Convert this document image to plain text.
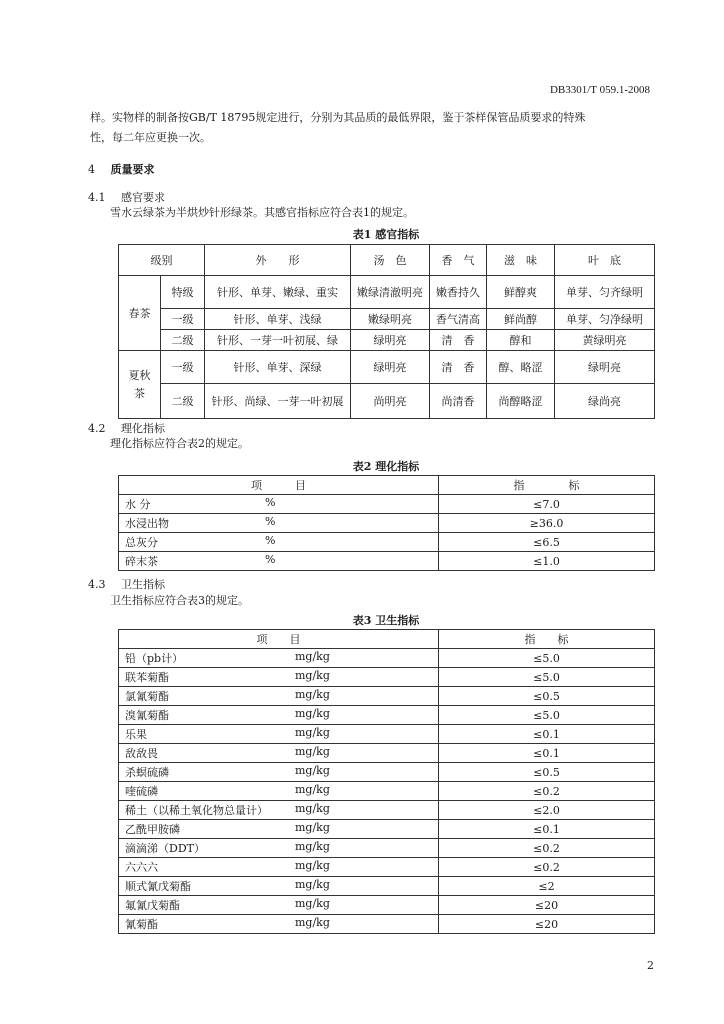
DB3301/T 059.1-2008
样。实物样的制备按GB/T 18795规定进行，分别为其品质的最低界限，鉴于茶样保管品质要求的特殊
性，每二年应更换一次。
4 质量要求
4.1 感官要求
雪水云绿茶为半烘炒针形绿茶。其感官指标应符合表1的规定。
表1 感官指标
级别		外　　形	汤　色	香　气	滋　味	叶　底
春茶	特级	针形、单芽、嫩绿、重实	嫩绿清澈明亮	嫩香持久	鲜醇爽	单芽、匀齐绿明
	一级	针形、单芽、浅绿	嫩绿明亮	香气清高	鲜尚醇	单芽、匀净绿明
	二级	针形、一芽一叶初展、绿	绿明亮	清　香	醇和	黄绿明亮
夏秋茶	一级	针形、单芽、深绿	绿明亮	清　香	醇、略涩	绿明亮
	二级	针形、尚绿、一芽一叶初展	尚明亮	尚清香	尚醇略涩	绿尚亮
4.2 理化指标
理化指标应符合表2的规定。
表2 理化指标
项　　　目	指　　　　标
水 分 %	≤7.0
水浸出物 %	≥36.0
总灰分 %	≤6.5
碎末茶 %	≤1.0
4.3 卫生指标
卫生指标应符合表3的规定。
表3 卫生指标
项　　目	指　　标
铅（pb计） mg/kg	≤5.0
联苯菊酯 mg/kg	≤5.0
氯氰菊酯 mg/kg	≤0.5
溴氰菊酯 mg/kg	≤5.0
乐果 mg/kg	≤0.1
敌敌畏 mg/kg	≤0.1
杀螟硫磷 mg/kg	≤0.5
喹硫磷 mg/kg	≤0.2
稀土（以稀土氧化物总量计） mg/kg	≤2.0
乙酰甲胺磷 mg/kg	≤0.1
滴滴涕（DDT） mg/kg	≤0.2
六六六 mg/kg	≤0.2
顺式氰戊菊酯 mg/kg	≤2
氟氰戊菊酯 mg/kg	≤20
氰菊酯 mg/kg	≤20
2
